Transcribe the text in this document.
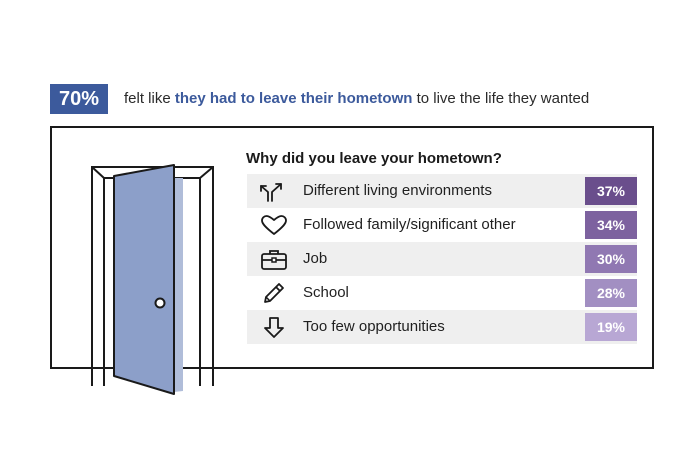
70%	felt like they had to leave their hometown to live the life they wanted
Why did you leave your hometown?
Different living environments	37%
Followed family/significant other	34%
Job	30%
School	28%
Too few opportunities	19%
